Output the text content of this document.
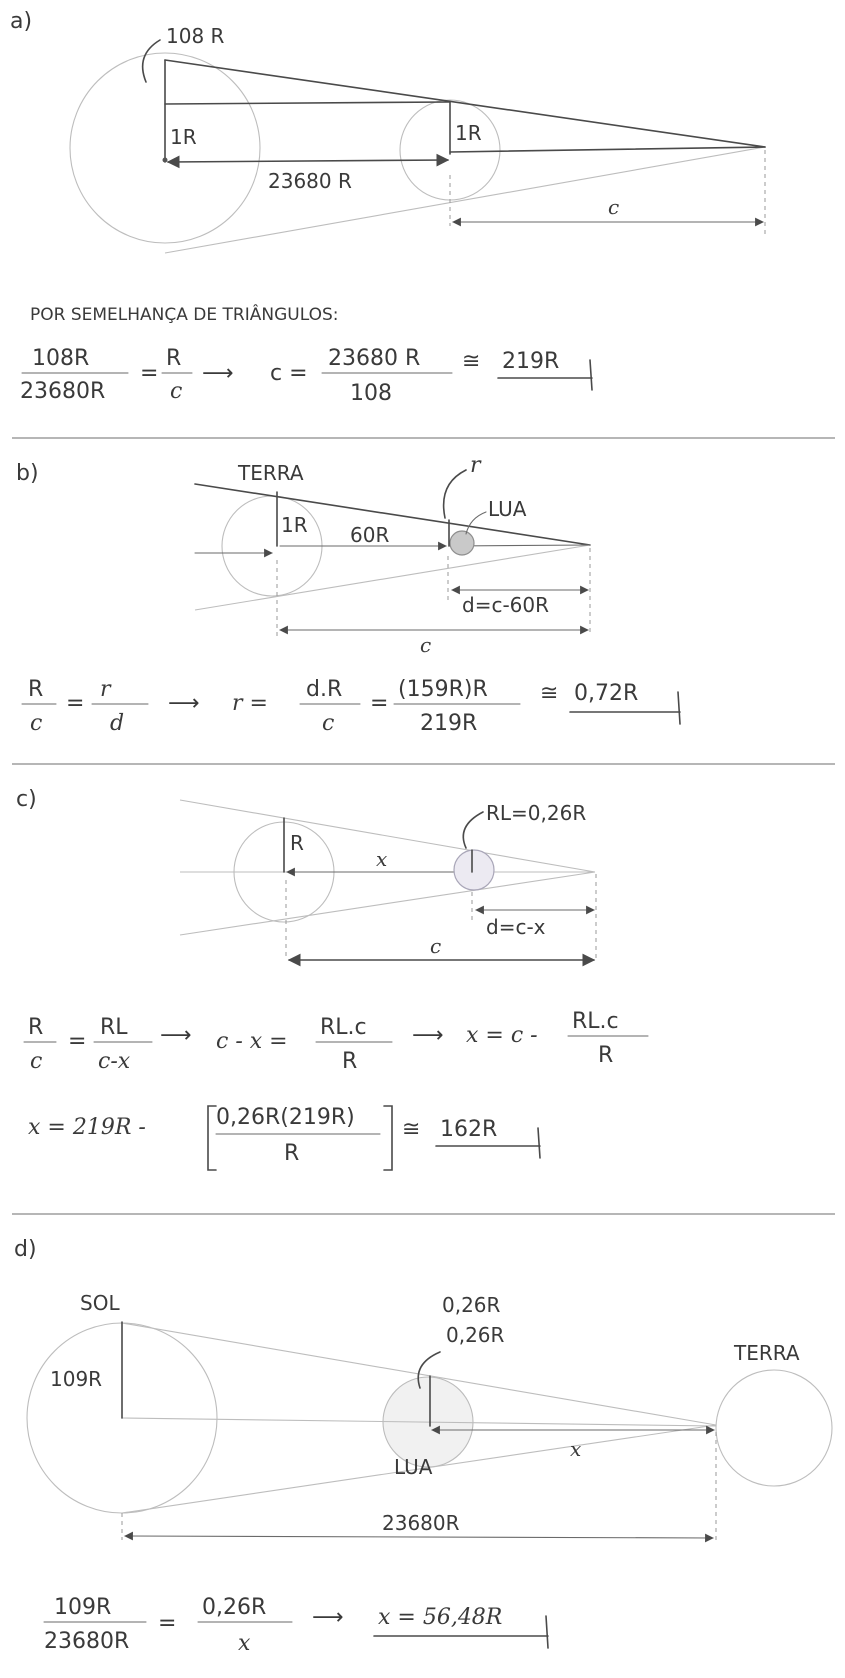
a)
108 R
1R	1R
23680 R
c
POR SEMELHANÇA DE TRIÂNGULOS:
108R
23680R
=
R
c
⟶ c =
23680 R
108
≅ 219R
b)	TERRA	r
LUA
1R 60R
d=c-60R
c
R
c
=
r
d
⟶ r =
d.R
c
=
(159R)R
219R
≅ 0,72R
c)
R
RL=0,26R
x
d=c-x
c
R
c
=
RL
c-x
⟶ c - x =
RL.c
R
⟶ x = c -
RL.c
R
x = 219R -	0,26R(219R)
R
≅ 162R
d)
SOL
109R
0,26R
0,26R
LUA
TERRA
x
23680R
109R
23680R
=
0,26R
x
⟶ x = 56,48R
